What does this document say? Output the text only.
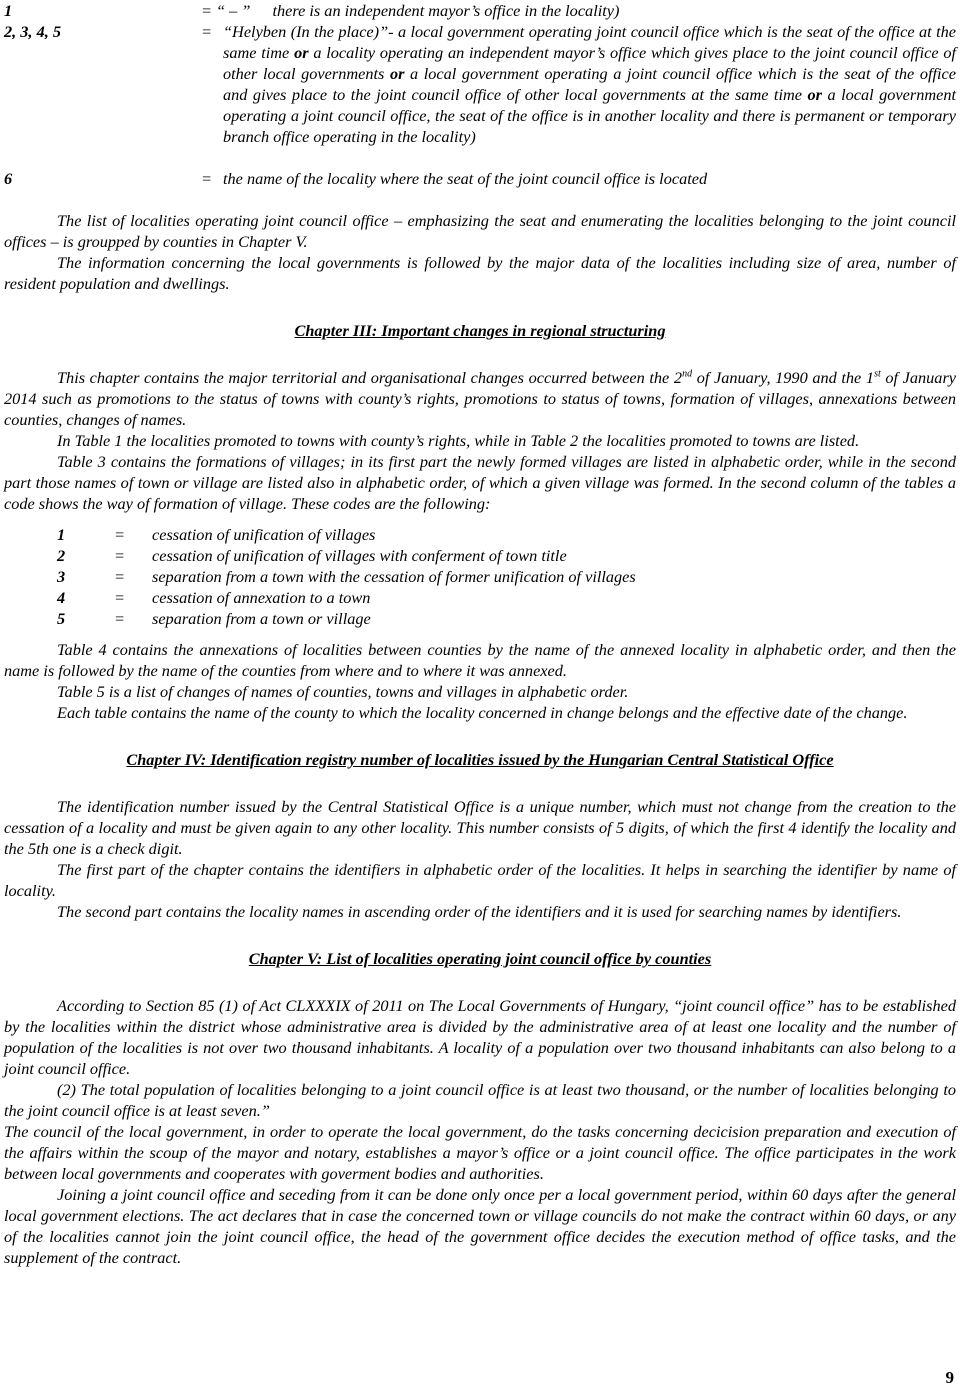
1	= “ – ”	there is an independent mayor’s office in the locality)
2, 3, 4, 5	= “Helyben (In the place)”- a local government operating joint council office which is the seat of the office at the same time or a locality operating an independent mayor’s office which gives place to the joint council office of other local governments or a local government operating a joint council office which is the seat of the office and gives place to the joint council office of other local governments at the same time or a local government operating a joint council office, the seat of the office is in another locality and there is permanent or temporary branch office operating in the locality)
6	= the name of the locality where the seat of the joint council office is located

The list of localities operating joint council office – emphasizing the seat and enumerating the localities belonging to the joint council offices – is groupped by counties in Chapter V.

The information concerning the local governments is followed by the major data of the localities including size of area, number of resident population and dwellings.

Chapter III: Important changes in regional structuring

This chapter contains the major territorial and organisational changes occurred between the 2nd of January, 1990 and the 1st of January 2014 such as promotions to the status of towns with county’s rights, promotions to status of towns, formation of villages, annexations between counties, changes of names.

In Table 1 the localities promoted to towns with county’s rights, while in Table 2 the localities promoted to towns are listed.

Table 3 contains the formations of villages; in its first part the newly formed villages are listed in alphabetic order, while in the second part those names of town or village are listed also in alphabetic order, of which a given village was formed. In the second column of the tables a code shows the way of formation of village. These codes are the following:

1	=	cessation of unification of villages
2	=	cessation of unification of villages with conferment of town title
3	=	separation from a town with the cessation of former unification of villages
4	=	cessation of annexation to a town
5	=	separation from a town or village

Table 4 contains the annexations of localities between counties by the name of the annexed locality in alphabetic order, and then the name is followed by the name of the counties from where and to where it was annexed.

Table 5 is a list of changes of names of counties, towns and villages in alphabetic order.

Each table contains the name of the county to which the locality concerned in change belongs and the effective date of the change.

Chapter IV: Identification registry number of localities issued by the Hungarian Central Statistical Office

The identification number issued by the Central Statistical Office is a unique number, which must not change from the creation to the cessation of a locality and must be given again to any other locality. This number consists of 5 digits, of which the first 4 identify the locality and the 5th one is a check digit.

The first part of the chapter contains the identifiers in alphabetic order of the localities. It helps in searching the identifier by name of locality.

The second part contains the locality names in ascending order of the identifiers and it is used for searching names by identifiers.

Chapter V: List of localities operating joint council office by counties

According to Section 85 (1) of Act CLXXXIX of 2011 on The Local Governments of Hungary, “joint council office” has to be established by the localities within the district whose administrative area is divided by the administrative area of at least one locality and the number of population of the localities is not over two thousand inhabitants. A locality of a population over two thousand inhabitants can also belong to a joint council office.

(2) The total population of localities belonging to a joint council office is at least two thousand, or the number of localities belonging to the joint council office is at least seven.”

The council of the local government, in order to operate the local government, do the tasks concerning decicision preparation and execution of the affairs within the scoup of the mayor and notary, establishes a mayor’s office or a joint council office. The office participates in the work between local governments and cooperates with goverment bodies and authorities.

Joining a joint council office and seceding from it can be done only once per a local government period, within 60 days after the general local government elections. The act declares that in case the concerned town or village councils do not make the contract within 60 days, or any of the localities cannot join the joint council office, the head of the government office decides the execution method of office tasks, and the supplement of the contract.

9
